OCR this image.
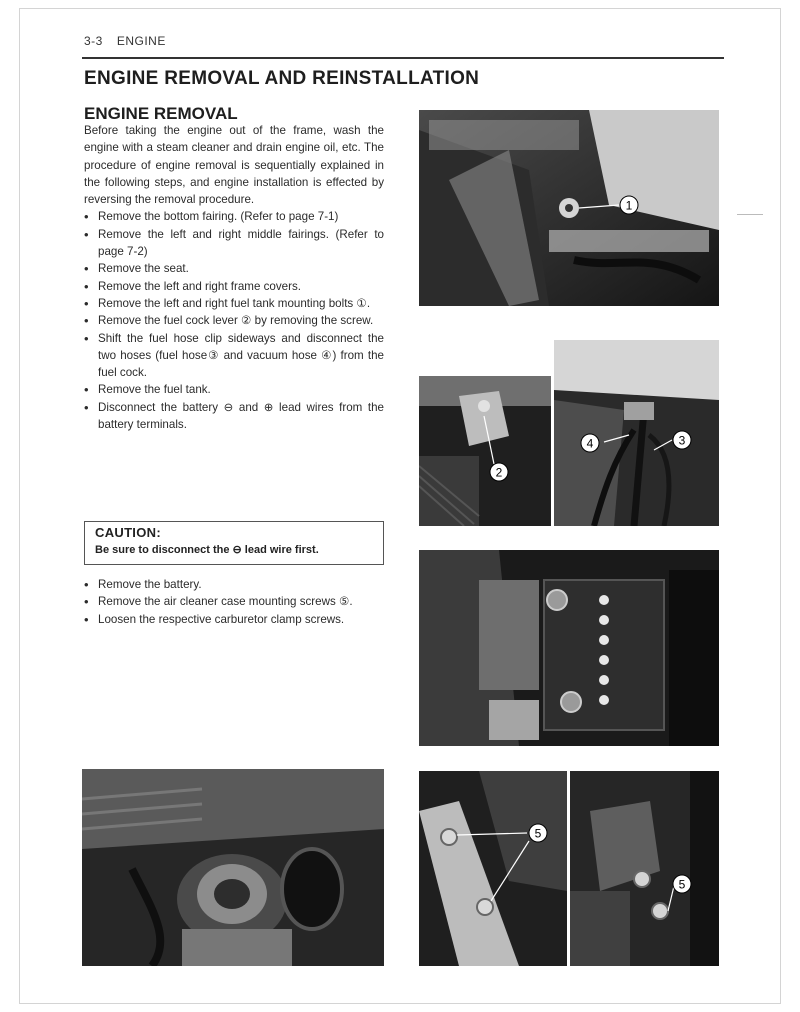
3-3 ENGINE
ENGINE REMOVAL AND REINSTALLATION
ENGINE REMOVAL
Before taking the engine out of the frame, wash the engine with a steam cleaner and drain engine oil, etc. The procedure of engine removal is sequentially explained in the following steps, and engine installation is effected by reversing the removal procedure.
• Remove the bottom fairing. (Refer to page 7-1)
• Remove the left and right middle fairings. (Refer to page 7-2)
• Remove the seat.
• Remove the left and right frame covers.
• Remove the left and right fuel tank mounting bolts ①.
• Remove the fuel cock lever ② by removing the screw.
• Shift the fuel hose clip sideways and disconnect the two hoses (fuel hose③ and vacuum hose ④) from the fuel cock.
• Remove the fuel tank.
• Disconnect the battery ⊖ and ⊕ lead wires from the battery terminals.
CAUTION:
Be sure to disconnect the ⊖ lead wire first.
• Remove the battery.
• Remove the air cleaner case mounting screws ⑤.
• Loosen the respective carburetor clamp screws.
1
2
4	3
5
5
